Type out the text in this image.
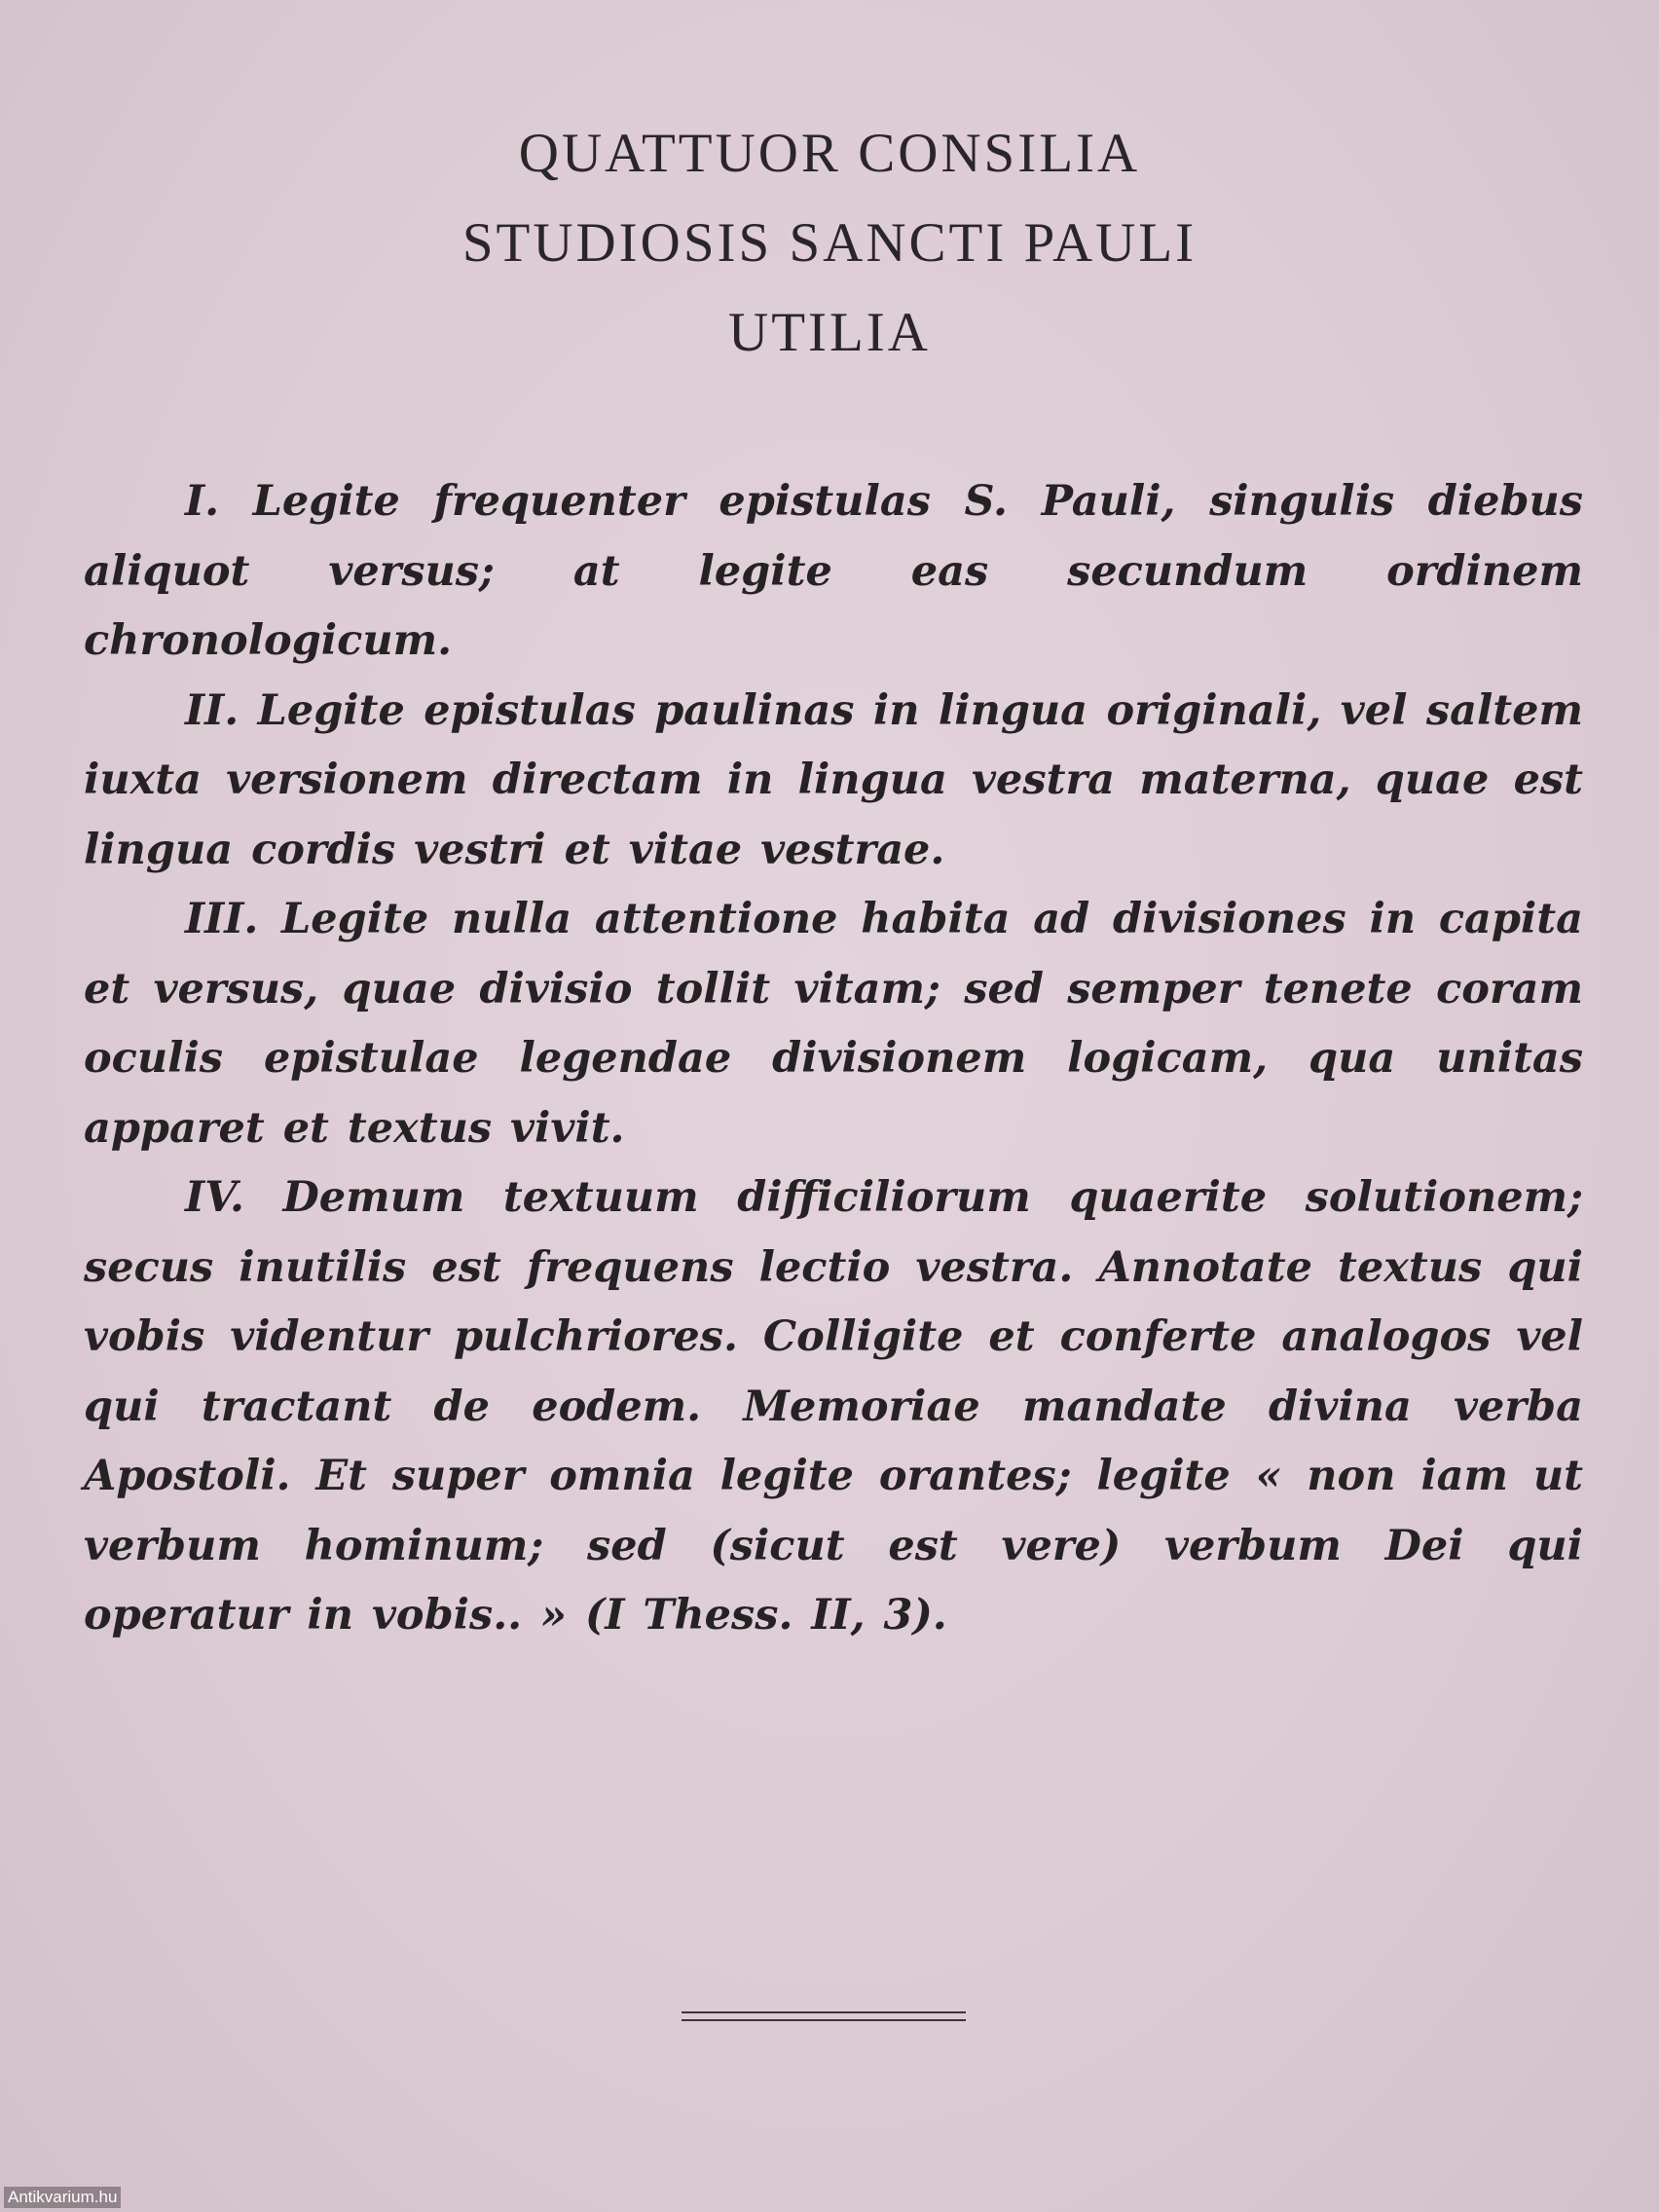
QUATTUOR CONSILIA
STUDIOSIS SANCTI PAULI
UTILIA

I. Legite frequenter epistulas S. Pauli, singulis diebus aliquot versus; at legite eas secundum ordinem chronologicum.

II. Legite epistulas paulinas in lingua originali, vel saltem iuxta versionem directam in lingua vestra materna, quae est lingua cordis vestri et vitae vestrae.

III. Legite nulla attentione habita ad divisiones in capita et versus, quae divisio tollit vitam; sed semper tenete coram oculis epistulae legendae divisionem logicam, qua unitas apparet et textus vivit.

IV. Demum textuum difficiliorum quaerite solutionem; secus inutilis est frequens lectio vestra. Annotate textus qui vobis videntur pulchriores. Colligite et conferte analogos vel qui tractant de eodem. Memoriae mandate divina verba Apostoli. Et super omnia legite orantes; legite « non iam ut verbum hominum; sed (sicut est vere) verbum Dei qui operatur in vobis.. » (I Thess. II, 3).

Antikvarium.hu
